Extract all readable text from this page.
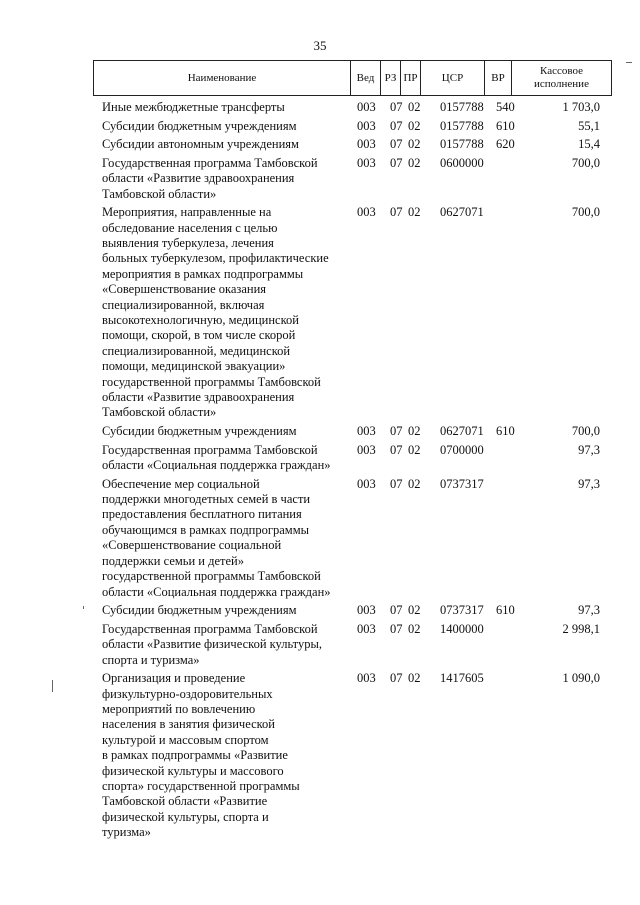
35
Наименование	Вед РЗ ПР	ЦСР	ВР
Кассовое
исполнение
Иные межбюджетные трансферты	003 07 02 0157788 540	1 703,0
Субсидии бюджетным учреждениям	003 07 02 0157788 610	55,1
Субсидии автономным учреждениям	003 07 02 0157788 620	15,4
Государственная программа Тамбовской
области «Развитие здравоохранения
Тамбовской области»
003 07 02 0600000	700,0
Мероприятия, направленные на
обследование населения с целью
выявления туберкулеза, лечения
больных туберкулезом, профилактические
мероприятия в рамках подпрограммы
«Совершенствование оказания
специализированной, включая
высокотехнологичную, медицинской
помощи, скорой, в том числе скорой
специализированной, медицинской
помощи, медицинской эвакуации»
государственной программы Тамбовской
области «Развитие здравоохранения
Тамбовской области»
003 07 02 0627071	700,0
Субсидии бюджетным учреждениям	003 07 02 0627071 610	700,0
Государственная программа Тамбовской
области «Социальная поддержка граждан»
003 07 02 0700000	97,3
Обеспечение мер социальной
поддержки многодетных семей в части
предоставления бесплатного питания
обучающимся в рамках подпрограммы
«Совершенствование социальной
поддержки семьи и детей»
государственной программы Тамбовской
области «Социальная поддержка граждан»
003 07 02 0737317	97,3
Субсидии бюджетным учреждениям	003 07 02 0737317 610	97,3
Государственная программа Тамбовской
области «Развитие физической культуры,
спорта и туризма»
003 07 02 1400000	2 998,1
Организация и проведение
физкультурно-оздоровительных
мероприятий по вовлечению
населения в занятия физической
культурой и массовым спортом
в рамках подпрограммы «Развитие
физической культуры и массового
спорта» государственной программы
Тамбовской области «Развитие
физической культуры, спорта и
туризма»
003 07 02 1417605	1 090,0
